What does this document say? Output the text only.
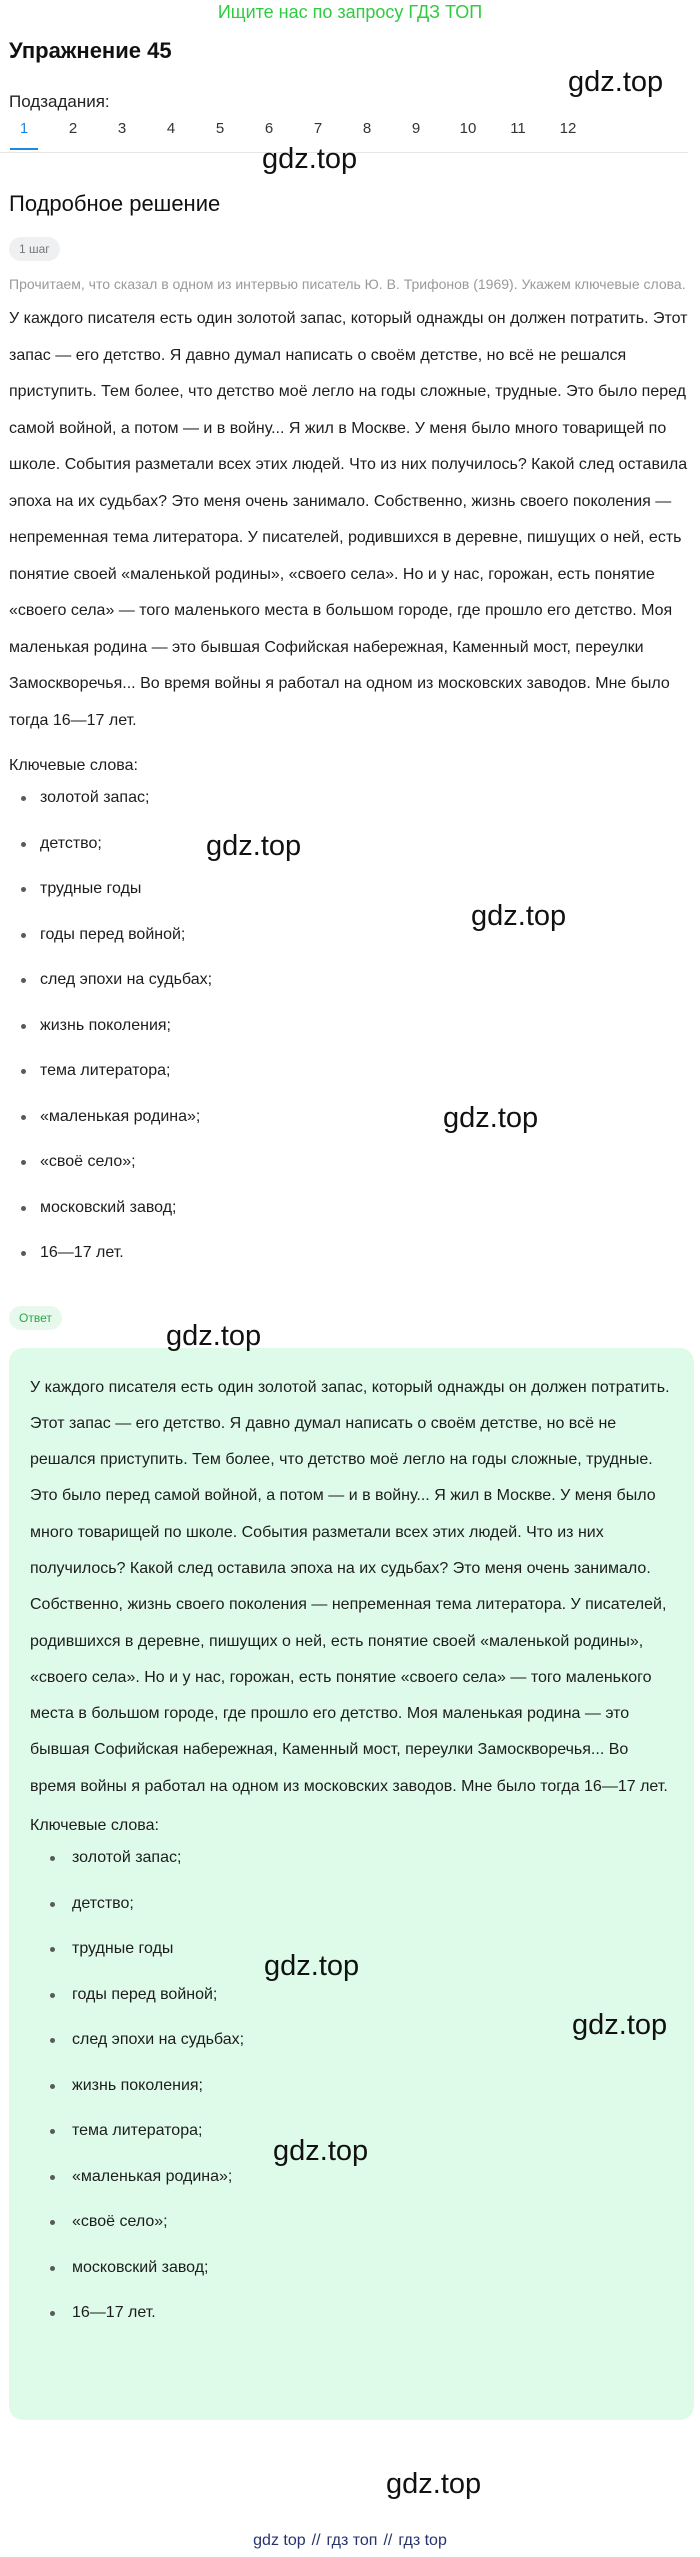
Ищите нас по запросу ГДЗ ТОП
Упражнение 45
Подзадания:
1	2	3	4	5	6	7	8	9	10 11 12
Подробное решение
1 шаг
Прочитаем, что сказал в одном из интервью писатель Ю. В. Трифонов (1969). Укажем ключевые слова.
У каждого писателя есть один золотой запас, который однажды он должен потратить. Этот запас — его детство. Я давно думал написать о своём детстве, но всё не решался приступить. Тем более, что детство моё легло на годы сложные, трудные. Это было перед самой войной, а потом — и в войну... Я жил в Москве. У меня было много товарищей по школе. События разметали всех этих людей. Что из них получилось? Какой след оставила эпоха на их судьбах? Это меня очень занимало. Собственно, жизнь своего поколения — непременная тема литератора. У писателей, родившихся в деревне, пишущих о ней, есть понятие своей «маленькой родины», «своего села». Но и у нас, горожан, есть понятие «своего села» — того маленького места в большом городе, где прошло его детство. Моя маленькая родина — это бывшая Софийская набережная, Каменный мост, переулки Замоскворечья... Во время войны я работал на одном из московских заводов. Мне было тогда 16—17 лет.
Ключевые слова:
золотой запас;
детство;
трудные годы
годы перед войной;
след эпохи на судьбах;
жизнь поколения;
тема литератора;
«маленькая родина»;
«своё село»;
московский завод;
16—17 лет.
Ответ
У каждого писателя есть один золотой запас, который однажды он должен потратить. Этот запас — его детство. Я давно думал написать о своём детстве, но всё не решался приступить. Тем более, что детство моё легло на годы сложные, трудные. Это было перед самой войной, а потом — и в войну... Я жил в Москве. У меня было много товарищей по школе. События разметали всех этих людей. Что из них получилось? Какой след оставила эпоха на их судьбах? Это меня очень занимало. Собственно, жизнь своего поколения — непременная тема литератора. У писателей, родившихся в деревне, пишущих о ней, есть понятие своей «маленькой родины», «своего села». Но и у нас, горожан, есть понятие «своего села» — того маленького места в большом городе, где прошло его детство. Моя маленькая родина — это бывшая Софийская набережная, Каменный мост, переулки Замоскворечья... Во время войны я работал на одном из московских заводов. Мне было тогда 16—17 лет.
Ключевые слова:
золотой запас;
детство;
трудные годы
годы перед войной;
след эпохи на судьбах;
жизнь поколения;
тема литератора;
«маленькая родина»;
«своё село»;
московский завод;
16—17 лет.
gdz.top
gdz.top
gdz.top
gdz.top
gdz.top
gdz.top
gdz.top
gdz.top
gdz.top
gdz.top
gdz top // гдз топ // гдз top
